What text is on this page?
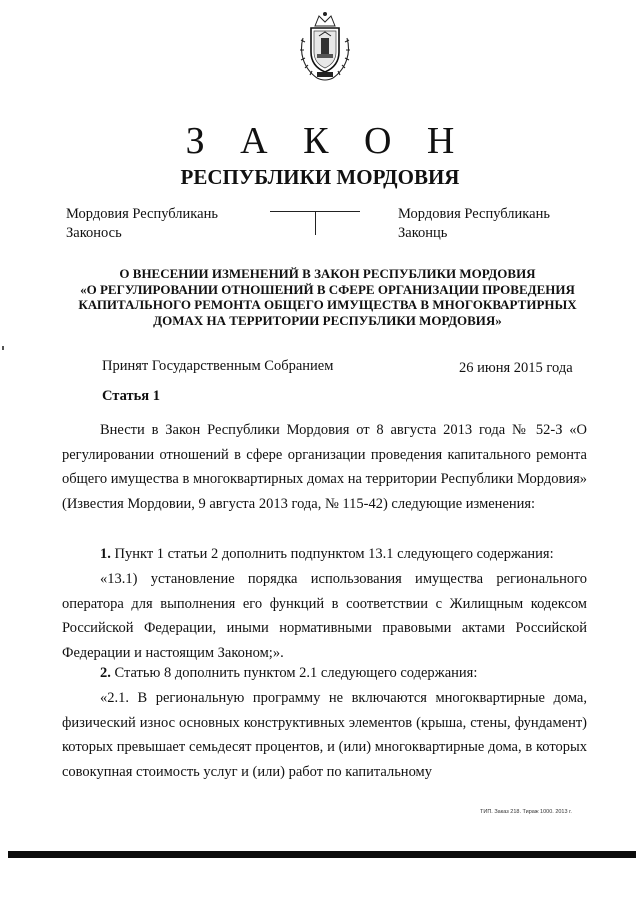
З А К О Н
РЕСПУБЛИКИ МОРДОВИЯ
Мордовия Республикань
Законось
Мордовия Республикань
Законць
О ВНЕСЕНИИ ИЗМЕНЕНИЙ В ЗАКОН РЕСПУБЛИКИ МОРДОВИЯ
«О РЕГУЛИРОВАНИИ ОТНОШЕНИЙ В СФЕРЕ ОРГАНИЗАЦИИ ПРОВЕДЕНИЯ
КАПИТАЛЬНОГО РЕМОНТА ОБЩЕГО ИМУЩЕСТВА В МНОГОКВАРТИРНЫХ
ДОМАХ НА ТЕРРИТОРИИ РЕСПУБЛИКИ МОРДОВИЯ»
Принят Государственным Собранием	26 июня 2015 года
Статья 1
Внести в Закон Республики Мордовия от 8 августа 2013 года № 52-З «О регулировании отношений в сфере организации проведения капитального ремонта общего имущества в многоквартирных домах на территории Республики Мордовия» (Известия Мордовии, 9 августа 2013 года, № 115-42) следующие изменения:
1. Пункт 1 статьи 2 дополнить подпунктом 13.1 следующего содержания:
«13.1) установление порядка использования имущества регионального оператора для выполнения его функций в соответствии с Жилищным кодексом Российской Федерации, иными нормативными правовыми актами Российской Федерации и настоящим Законом;».
2. Статью 8 дополнить пунктом 2.1 следующего содержания:
«2.1. В региональную программу не включаются многоквартирные дома, физический износ основных конструктивных элементов (крыша, стены, фундамент) которых превышает семьдесят процентов, и (или) многоквартирные дома, в которых совокупная стоимость услуг и (или) работ по капитальному
ТИП. Заказ 218. Тираж 1000. 2013 г.
